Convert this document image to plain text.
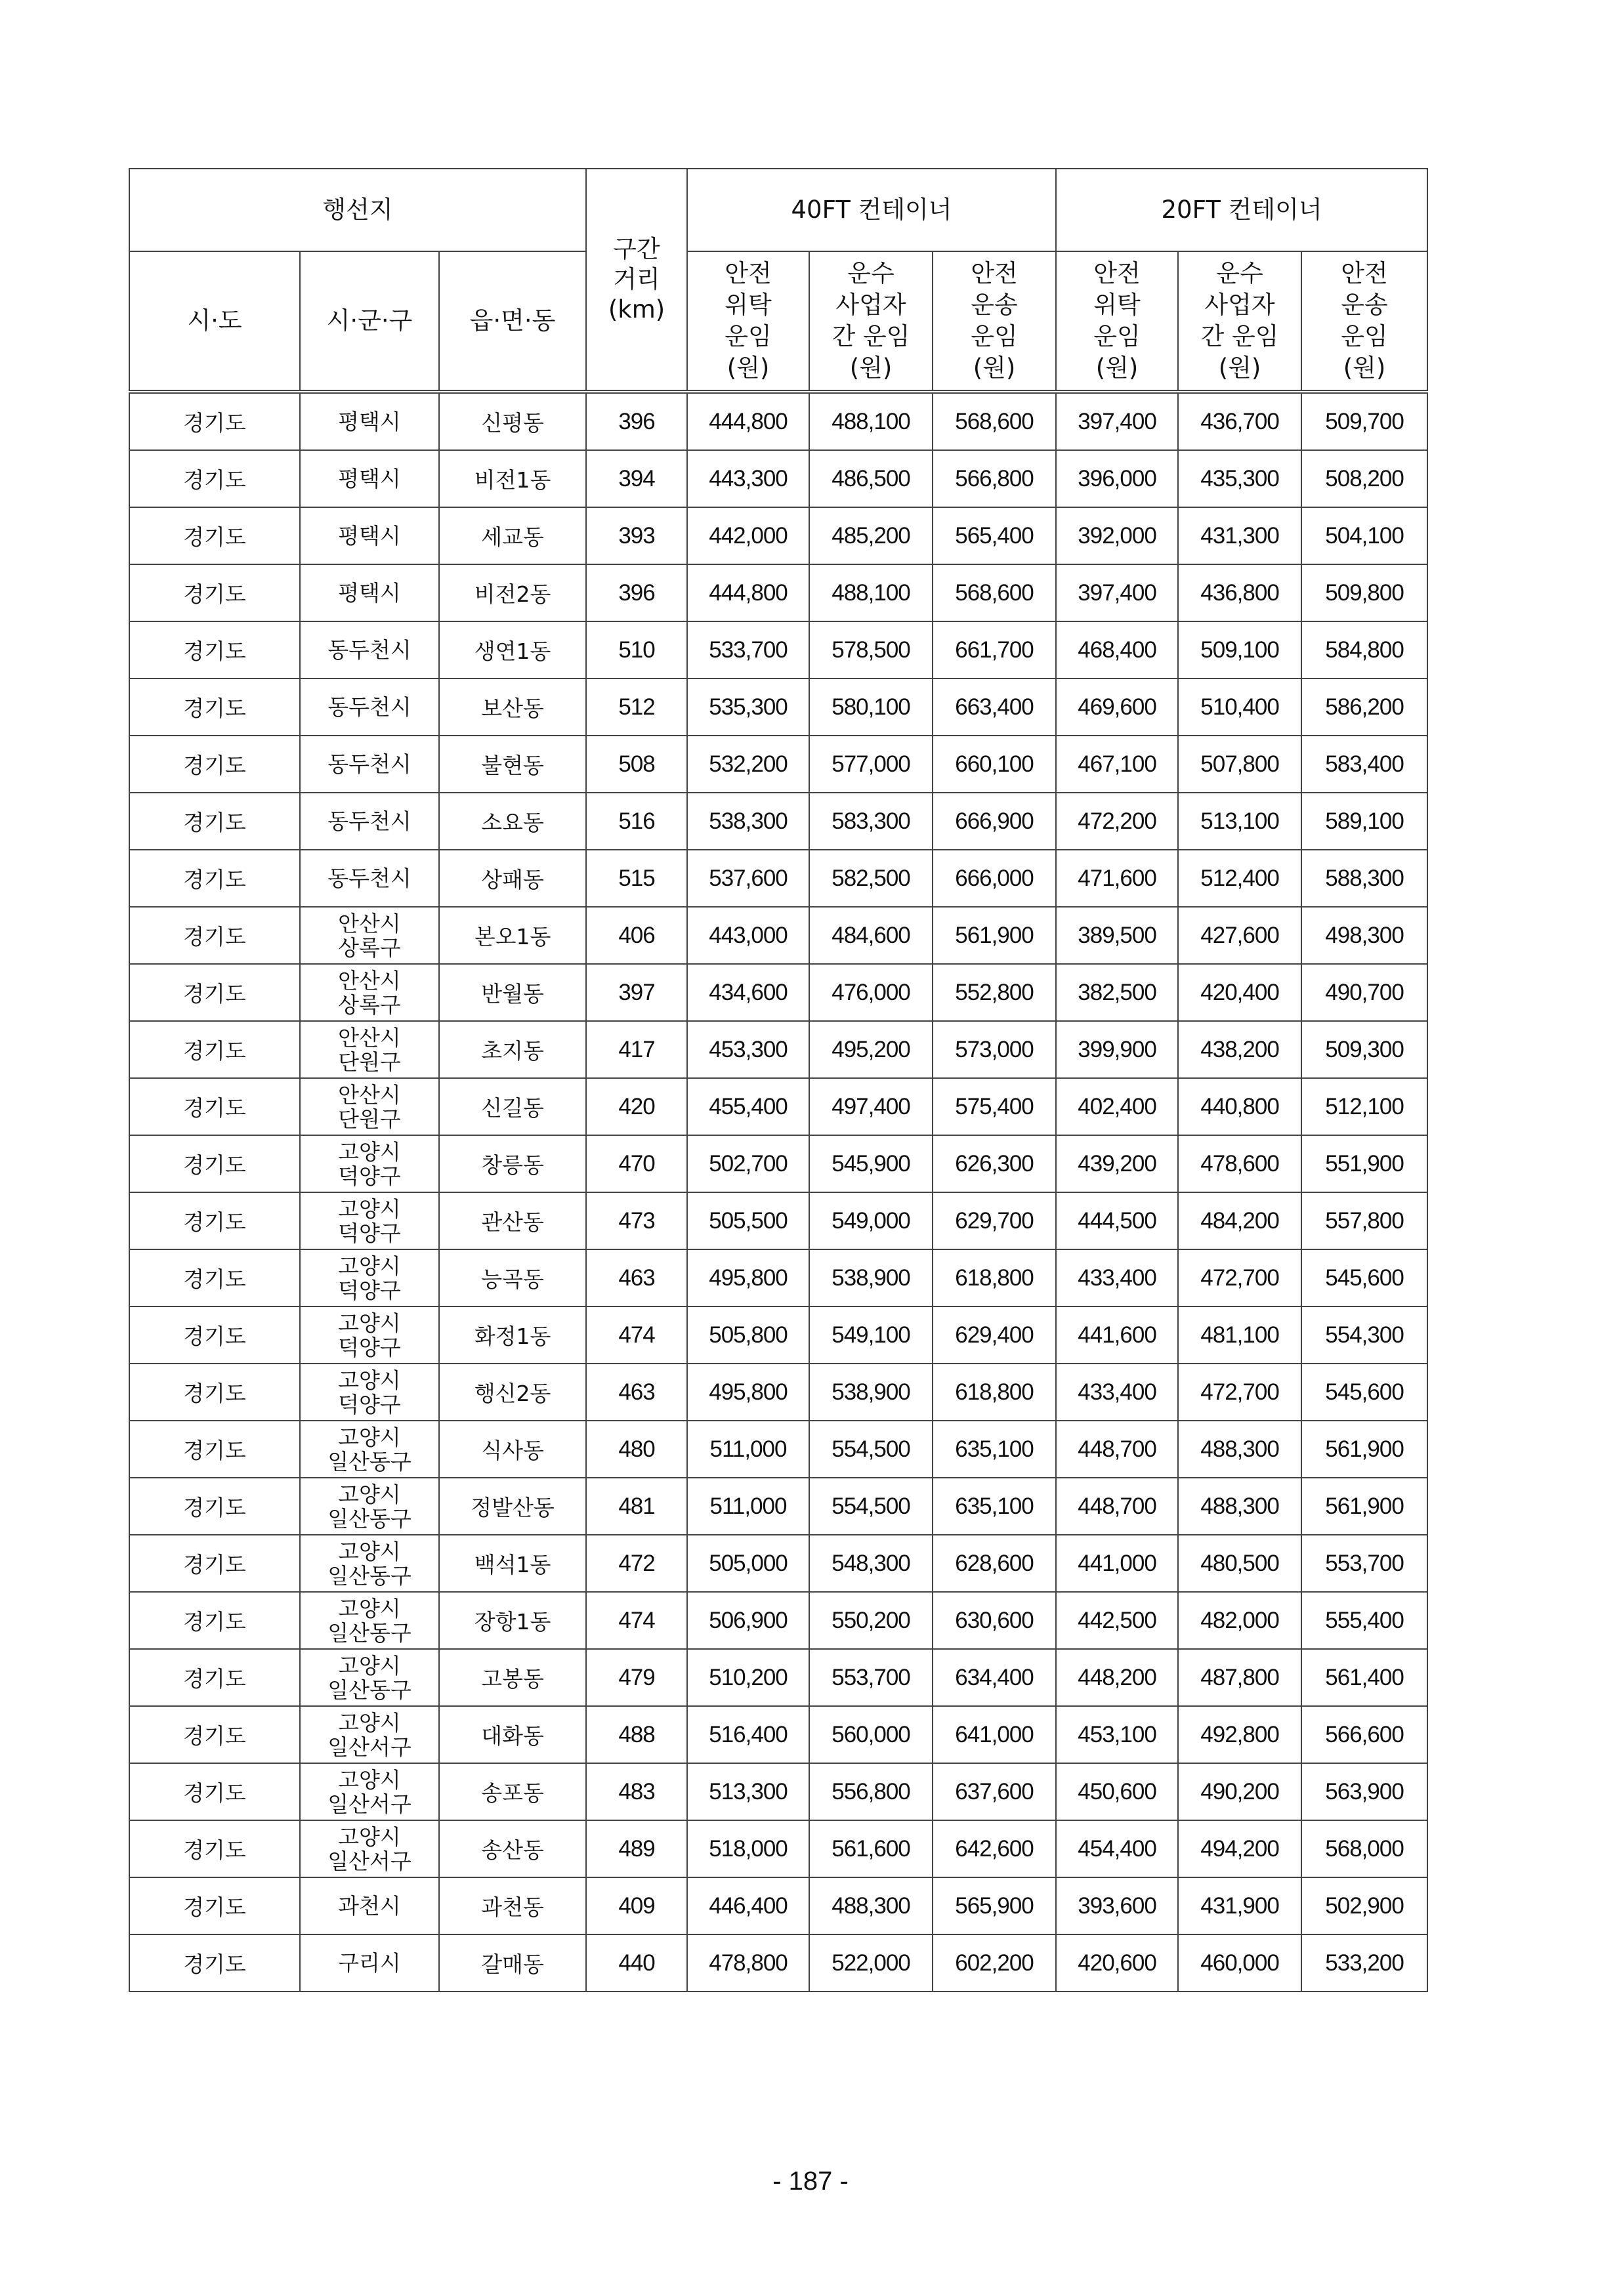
행선지			구간
거리
(km)	40FT 컨테이너			20FT 컨테이너		
시·도	시·군·구	읍·면·동		안전
위탁
운임
(원)	운수
사업자
간 운임
(원)	안전
운송
운임
(원)	안전
위탁
운임
(원)	운수
사업자
간 운임
(원)	안전
운송
운임
(원)
경기도	평택시	신평동	396	444,800	488,100	568,600	397,400	436,700	509,700
경기도	평택시	비전1동	394	443,300	486,500	566,800	396,000	435,300	508,200
경기도	평택시	세교동	393	442,000	485,200	565,400	392,000	431,300	504,100
경기도	평택시	비전2동	396	444,800	488,100	568,600	397,400	436,800	509,800
경기도	동두천시	생연1동	510	533,700	578,500	661,700	468,400	509,100	584,800
경기도	동두천시	보산동	512	535,300	580,100	663,400	469,600	510,400	586,200
경기도	동두천시	불현동	508	532,200	577,000	660,100	467,100	507,800	583,400
경기도	동두천시	소요동	516	538,300	583,300	666,900	472,200	513,100	589,100
경기도	동두천시	상패동	515	537,600	582,500	666,000	471,600	512,400	588,300
경기도	안산시
상록구	본오1동	406	443,000	484,600	561,900	389,500	427,600	498,300
경기도	안산시
상록구	반월동	397	434,600	476,000	552,800	382,500	420,400	490,700
경기도	안산시
단원구	초지동	417	453,300	495,200	573,000	399,900	438,200	509,300
경기도	안산시
단원구	신길동	420	455,400	497,400	575,400	402,400	440,800	512,100
경기도	고양시
덕양구	창릉동	470	502,700	545,900	626,300	439,200	478,600	551,900
경기도	고양시
덕양구	관산동	473	505,500	549,000	629,700	444,500	484,200	557,800
경기도	고양시
덕양구	능곡동	463	495,800	538,900	618,800	433,400	472,700	545,600
경기도	고양시
덕양구	화정1동	474	505,800	549,100	629,400	441,600	481,100	554,300
경기도	고양시
덕양구	행신2동	463	495,800	538,900	618,800	433,400	472,700	545,600
경기도	고양시
일산동구	식사동	480	511,000	554,500	635,100	448,700	488,300	561,900
경기도	고양시
일산동구	정발산동	481	511,000	554,500	635,100	448,700	488,300	561,900
경기도	고양시
일산동구	백석1동	472	505,000	548,300	628,600	441,000	480,500	553,700
경기도	고양시
일산동구	장항1동	474	506,900	550,200	630,600	442,500	482,000	555,400
경기도	고양시
일산동구	고봉동	479	510,200	553,700	634,400	448,200	487,800	561,400
경기도	고양시
일산서구	대화동	488	516,400	560,000	641,000	453,100	492,800	566,600
경기도	고양시
일산서구	송포동	483	513,300	556,800	637,600	450,600	490,200	563,900
경기도	고양시
일산서구	송산동	489	518,000	561,600	642,600	454,400	494,200	568,000
경기도	과천시	과천동	409	446,400	488,300	565,900	393,600	431,900	502,900
경기도	구리시	갈매동	440	478,800	522,000	602,200	420,600	460,000	533,200
- 187 -
